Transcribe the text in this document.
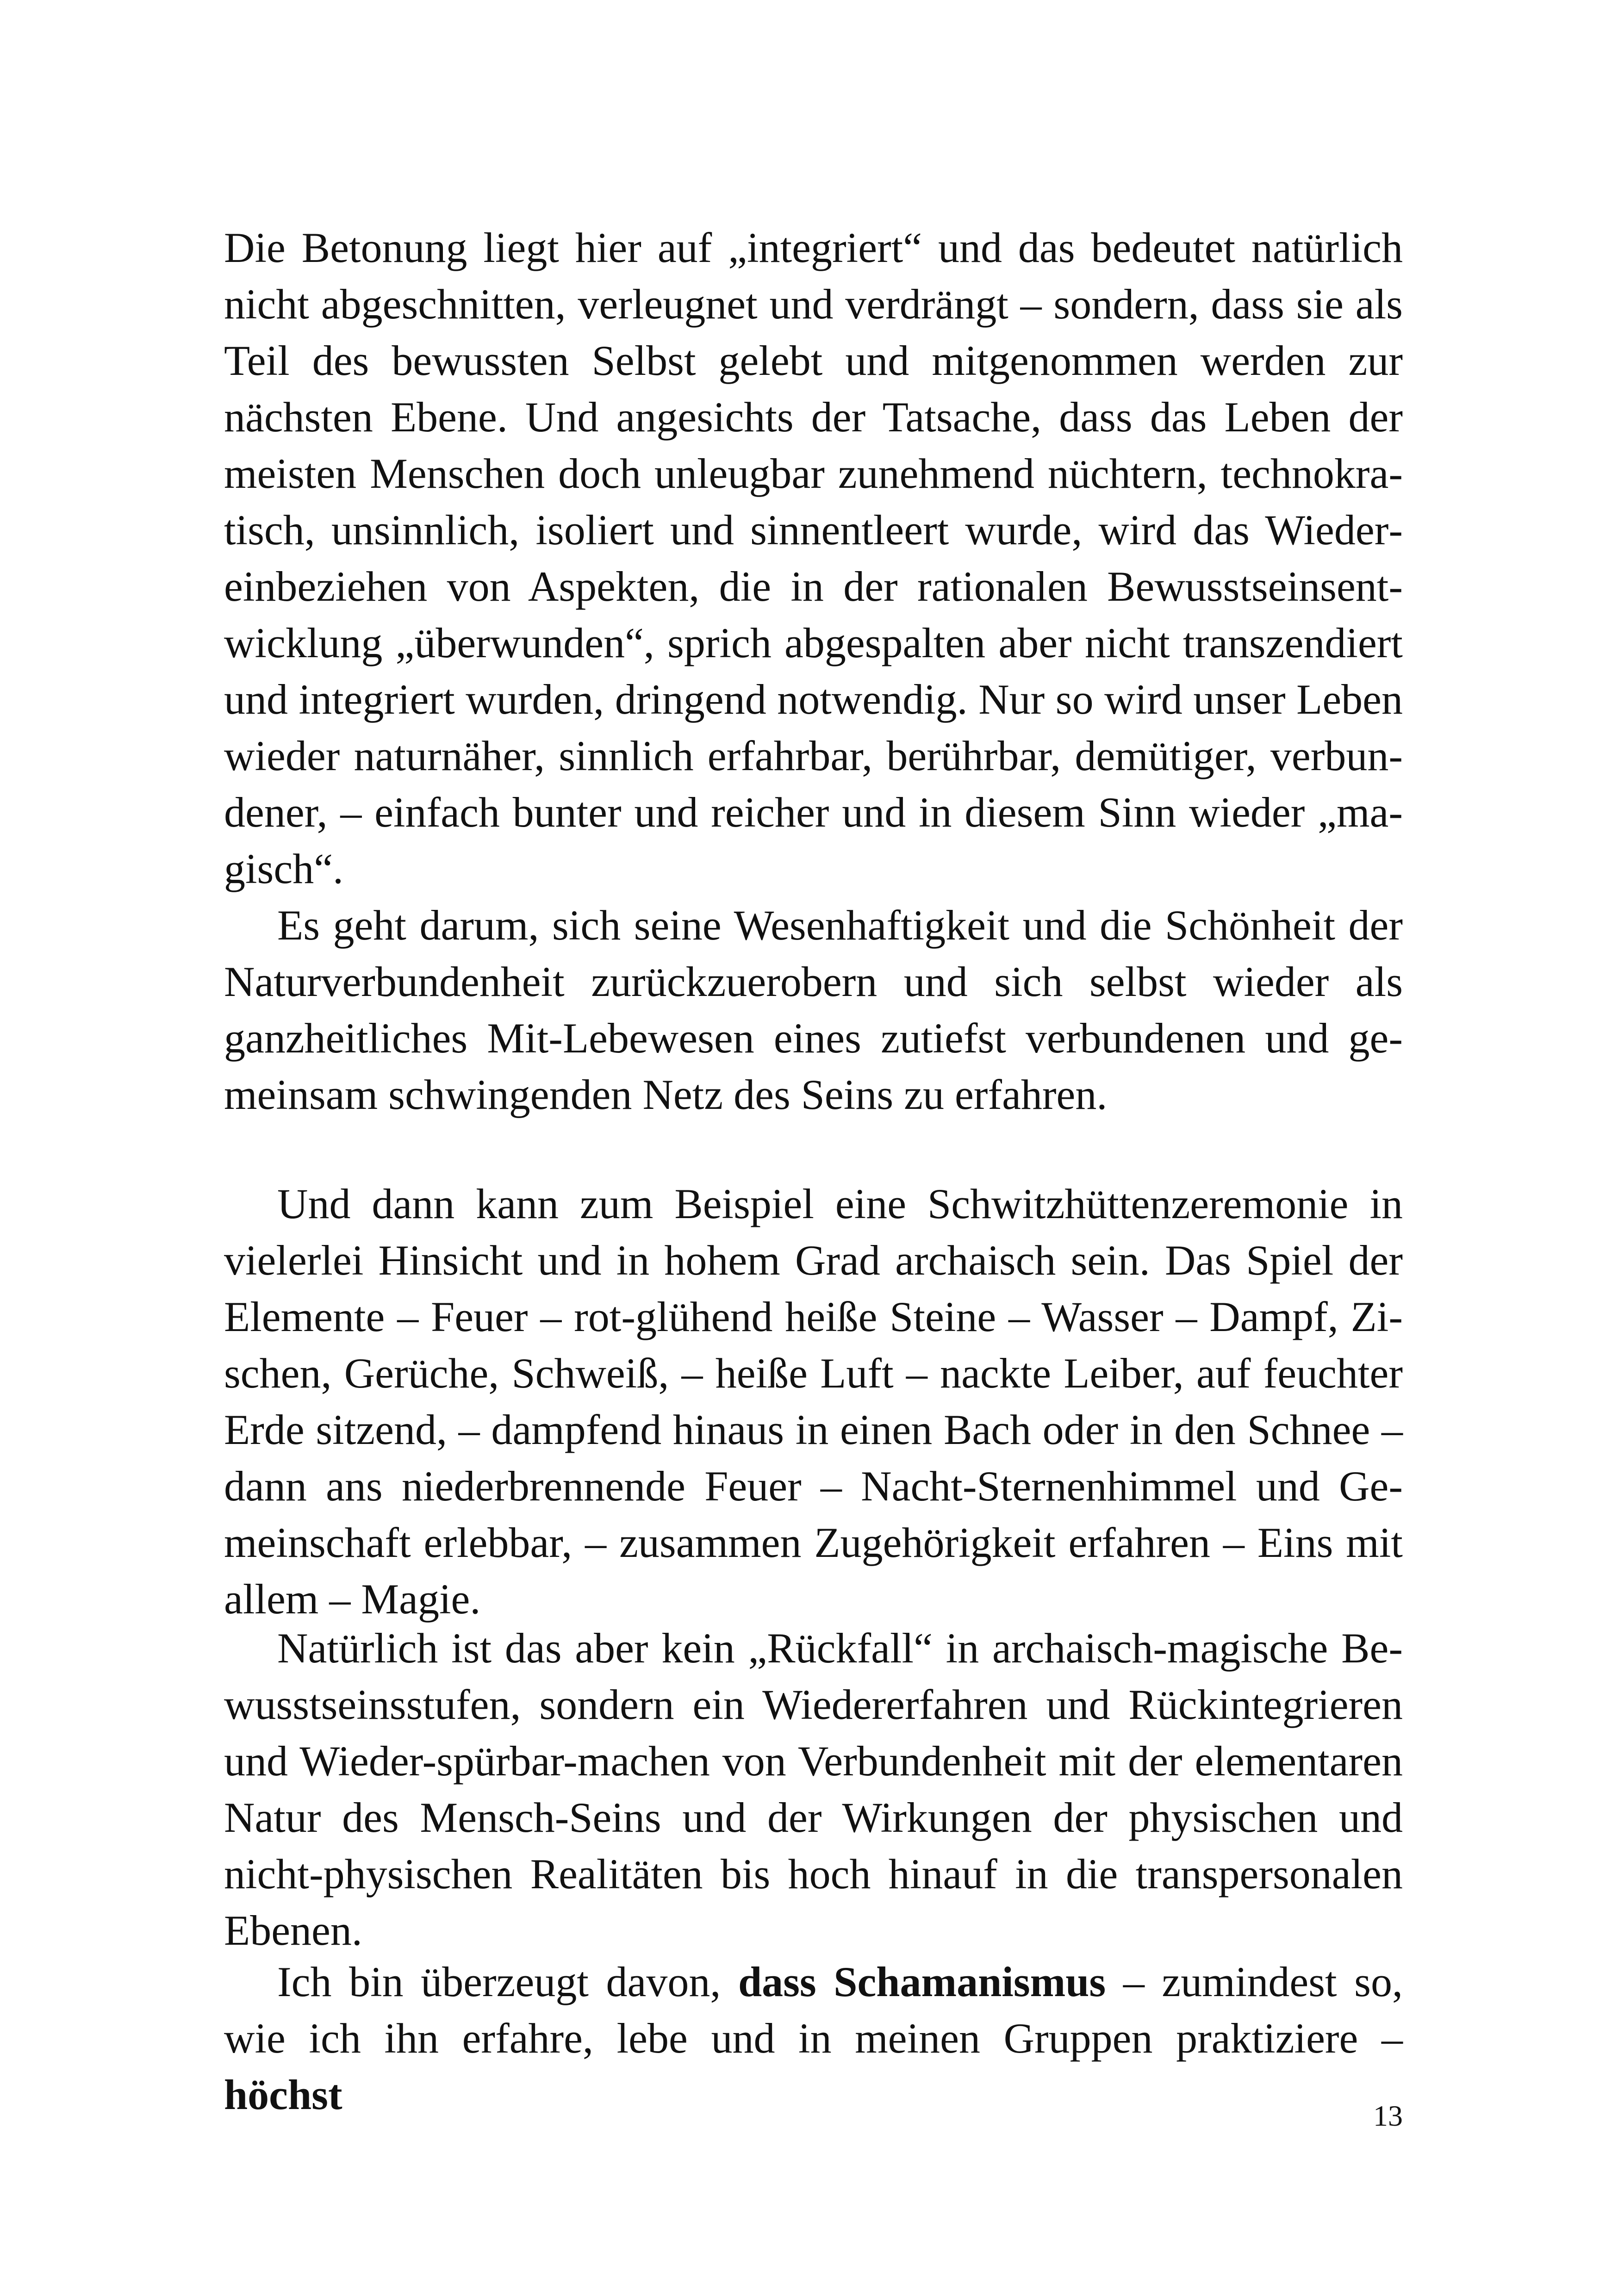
Die Betonung liegt hier auf „integriert“ und das bedeutet natürlich nicht abgeschnitten, verleugnet und verdrängt – sondern, dass sie als Teil des bewussten Selbst gelebt und mitgenommen werden zur nächsten Ebene. Und angesichts der Tatsache, dass das Leben der meisten Menschen doch unleugbar zunehmend nüchtern, technokratisch, unsinnlich, isoliert und sinnentleert wurde, wird das Wiedereinbeziehen von Aspekten, die in der rationalen Bewusstseinsentwicklung „überwunden“, sprich abgespalten aber nicht transzendiert und integriert wurden, dringend notwendig. Nur so wird unser Leben wieder naturnäher, sinnlich erfahrbar, berührbar, demütiger, verbundener, – einfach bunter und reicher und in diesem Sinn wieder „magisch“.

Es geht darum, sich seine Wesenhaftigkeit und die Schönheit der Naturverbundenheit zurückzuerobern und sich selbst wieder als ganzheitliches Mit-Lebewesen eines zutiefst verbundenen und gemeinsam schwingenden Netz des Seins zu erfahren.

Und dann kann zum Beispiel eine Schwitzhüttenzeremonie in vielerlei Hinsicht und in hohem Grad archaisch sein. Das Spiel der Elemente – Feuer – rot-glühend heiße Steine – Wasser – Dampf, Zischen, Gerüche, Schweiß, – heiße Luft – nackte Leiber, auf feuchter Erde sitzend, – dampfend hinaus in einen Bach oder in den Schnee – dann ans niederbrennende Feuer – Nacht-Sternenhimmel und Gemeinschaft erlebbar, – zusammen Zugehörigkeit erfahren – Eins mit allem – Magie.

Natürlich ist das aber kein „Rückfall“ in archaisch-magische Bewusstseinsstufen, sondern ein Wiedererfahren und Rückintegrieren und Wieder-spürbar-machen von Verbundenheit mit der elementaren Natur des Mensch-Seins und der Wirkungen der physischen und nicht-physischen Realitäten bis hoch hinauf in die transpersonalen Ebenen.

Ich bin überzeugt davon, dass Schamanismus – zumindest so, wie ich ihn erfahre, lebe und in meinen Gruppen praktiziere – höchst	13
